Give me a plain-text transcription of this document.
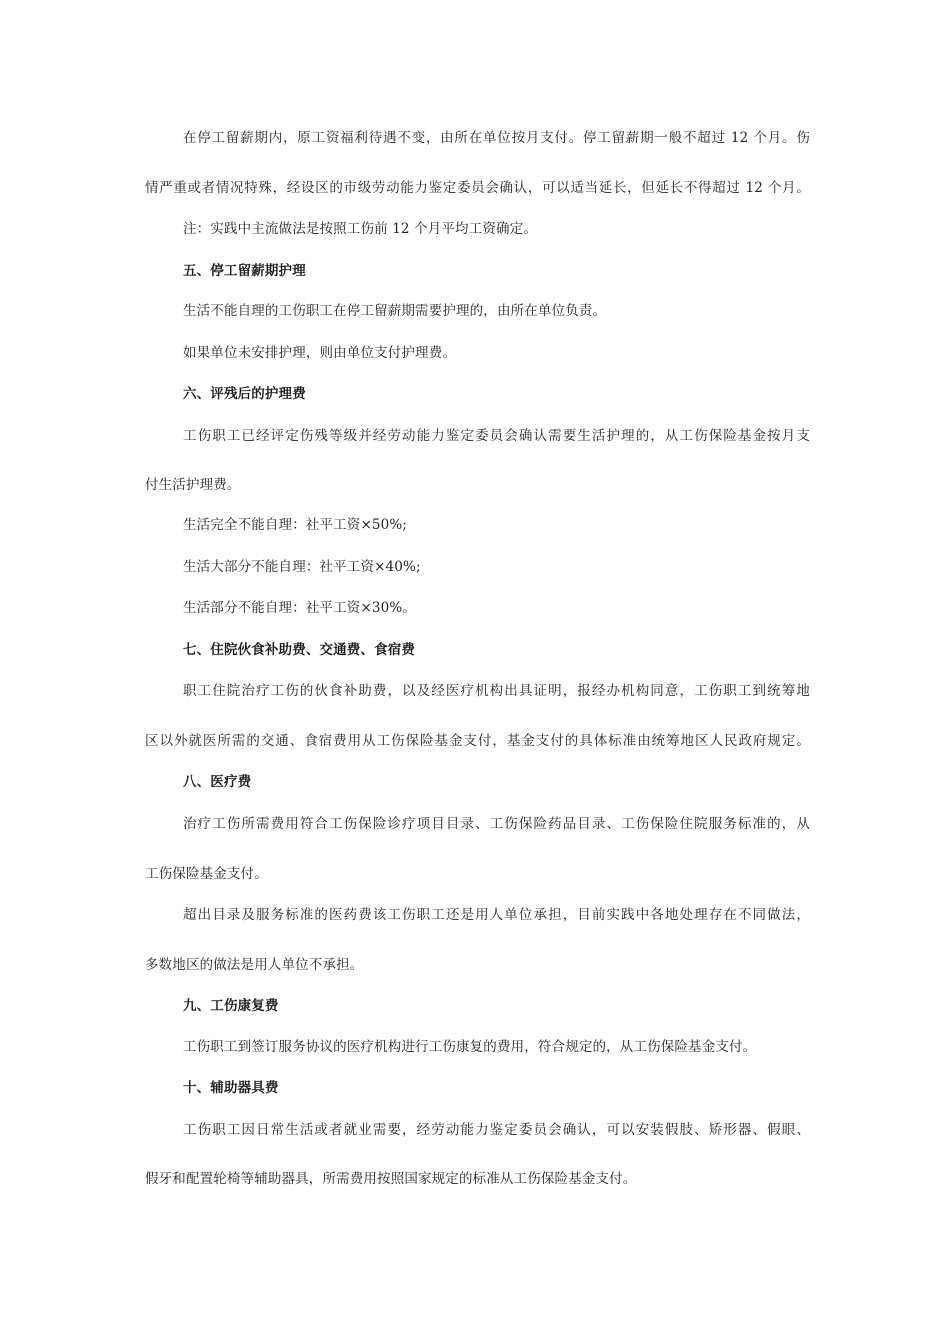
在停工留薪期内，原工资福利待遇不变，由所在单位按月支付。停工留薪期一般不超过 12 个月。伤
情严重或者情况特殊，经设区的市级劳动能力鉴定委员会确认，可以适当延长，但延长不得超过 12 个月。
注：实践中主流做法是按照工伤前 12 个月平均工资确定。
五、停工留薪期护理
生活不能自理的工伤职工在停工留薪期需要护理的，由所在单位负责。
如果单位未安排护理，则由单位支付护理费。
六、评残后的护理费
工伤职工已经评定伤残等级并经劳动能力鉴定委员会确认需要生活护理的，从工伤保险基金按月支
付生活护理费。
生活完全不能自理：社平工资×50%;
生活大部分不能自理：社平工资×40%;
生活部分不能自理：社平工资×30%。
七、住院伙食补助费、交通费、食宿费
职工住院治疗工伤的伙食补助费，以及经医疗机构出具证明，报经办机构同意，工伤职工到统筹地
区以外就医所需的交通、食宿费用从工伤保险基金支付，基金支付的具体标准由统筹地区人民政府规定。
八、医疗费
治疗工伤所需费用符合工伤保险诊疗项目目录、工伤保险药品目录、工伤保险住院服务标准的，从
工伤保险基金支付。
超出目录及服务标准的医药费该工伤职工还是用人单位承担，目前实践中各地处理存在不同做法，
多数地区的做法是用人单位不承担。
九、工伤康复费
工伤职工到签订服务协议的医疗机构进行工伤康复的费用，符合规定的，从工伤保险基金支付。
十、辅助器具费
工伤职工因日常生活或者就业需要，经劳动能力鉴定委员会确认，可以安装假肢、矫形器、假眼、
假牙和配置轮椅等辅助器具，所需费用按照国家规定的标准从工伤保险基金支付。
